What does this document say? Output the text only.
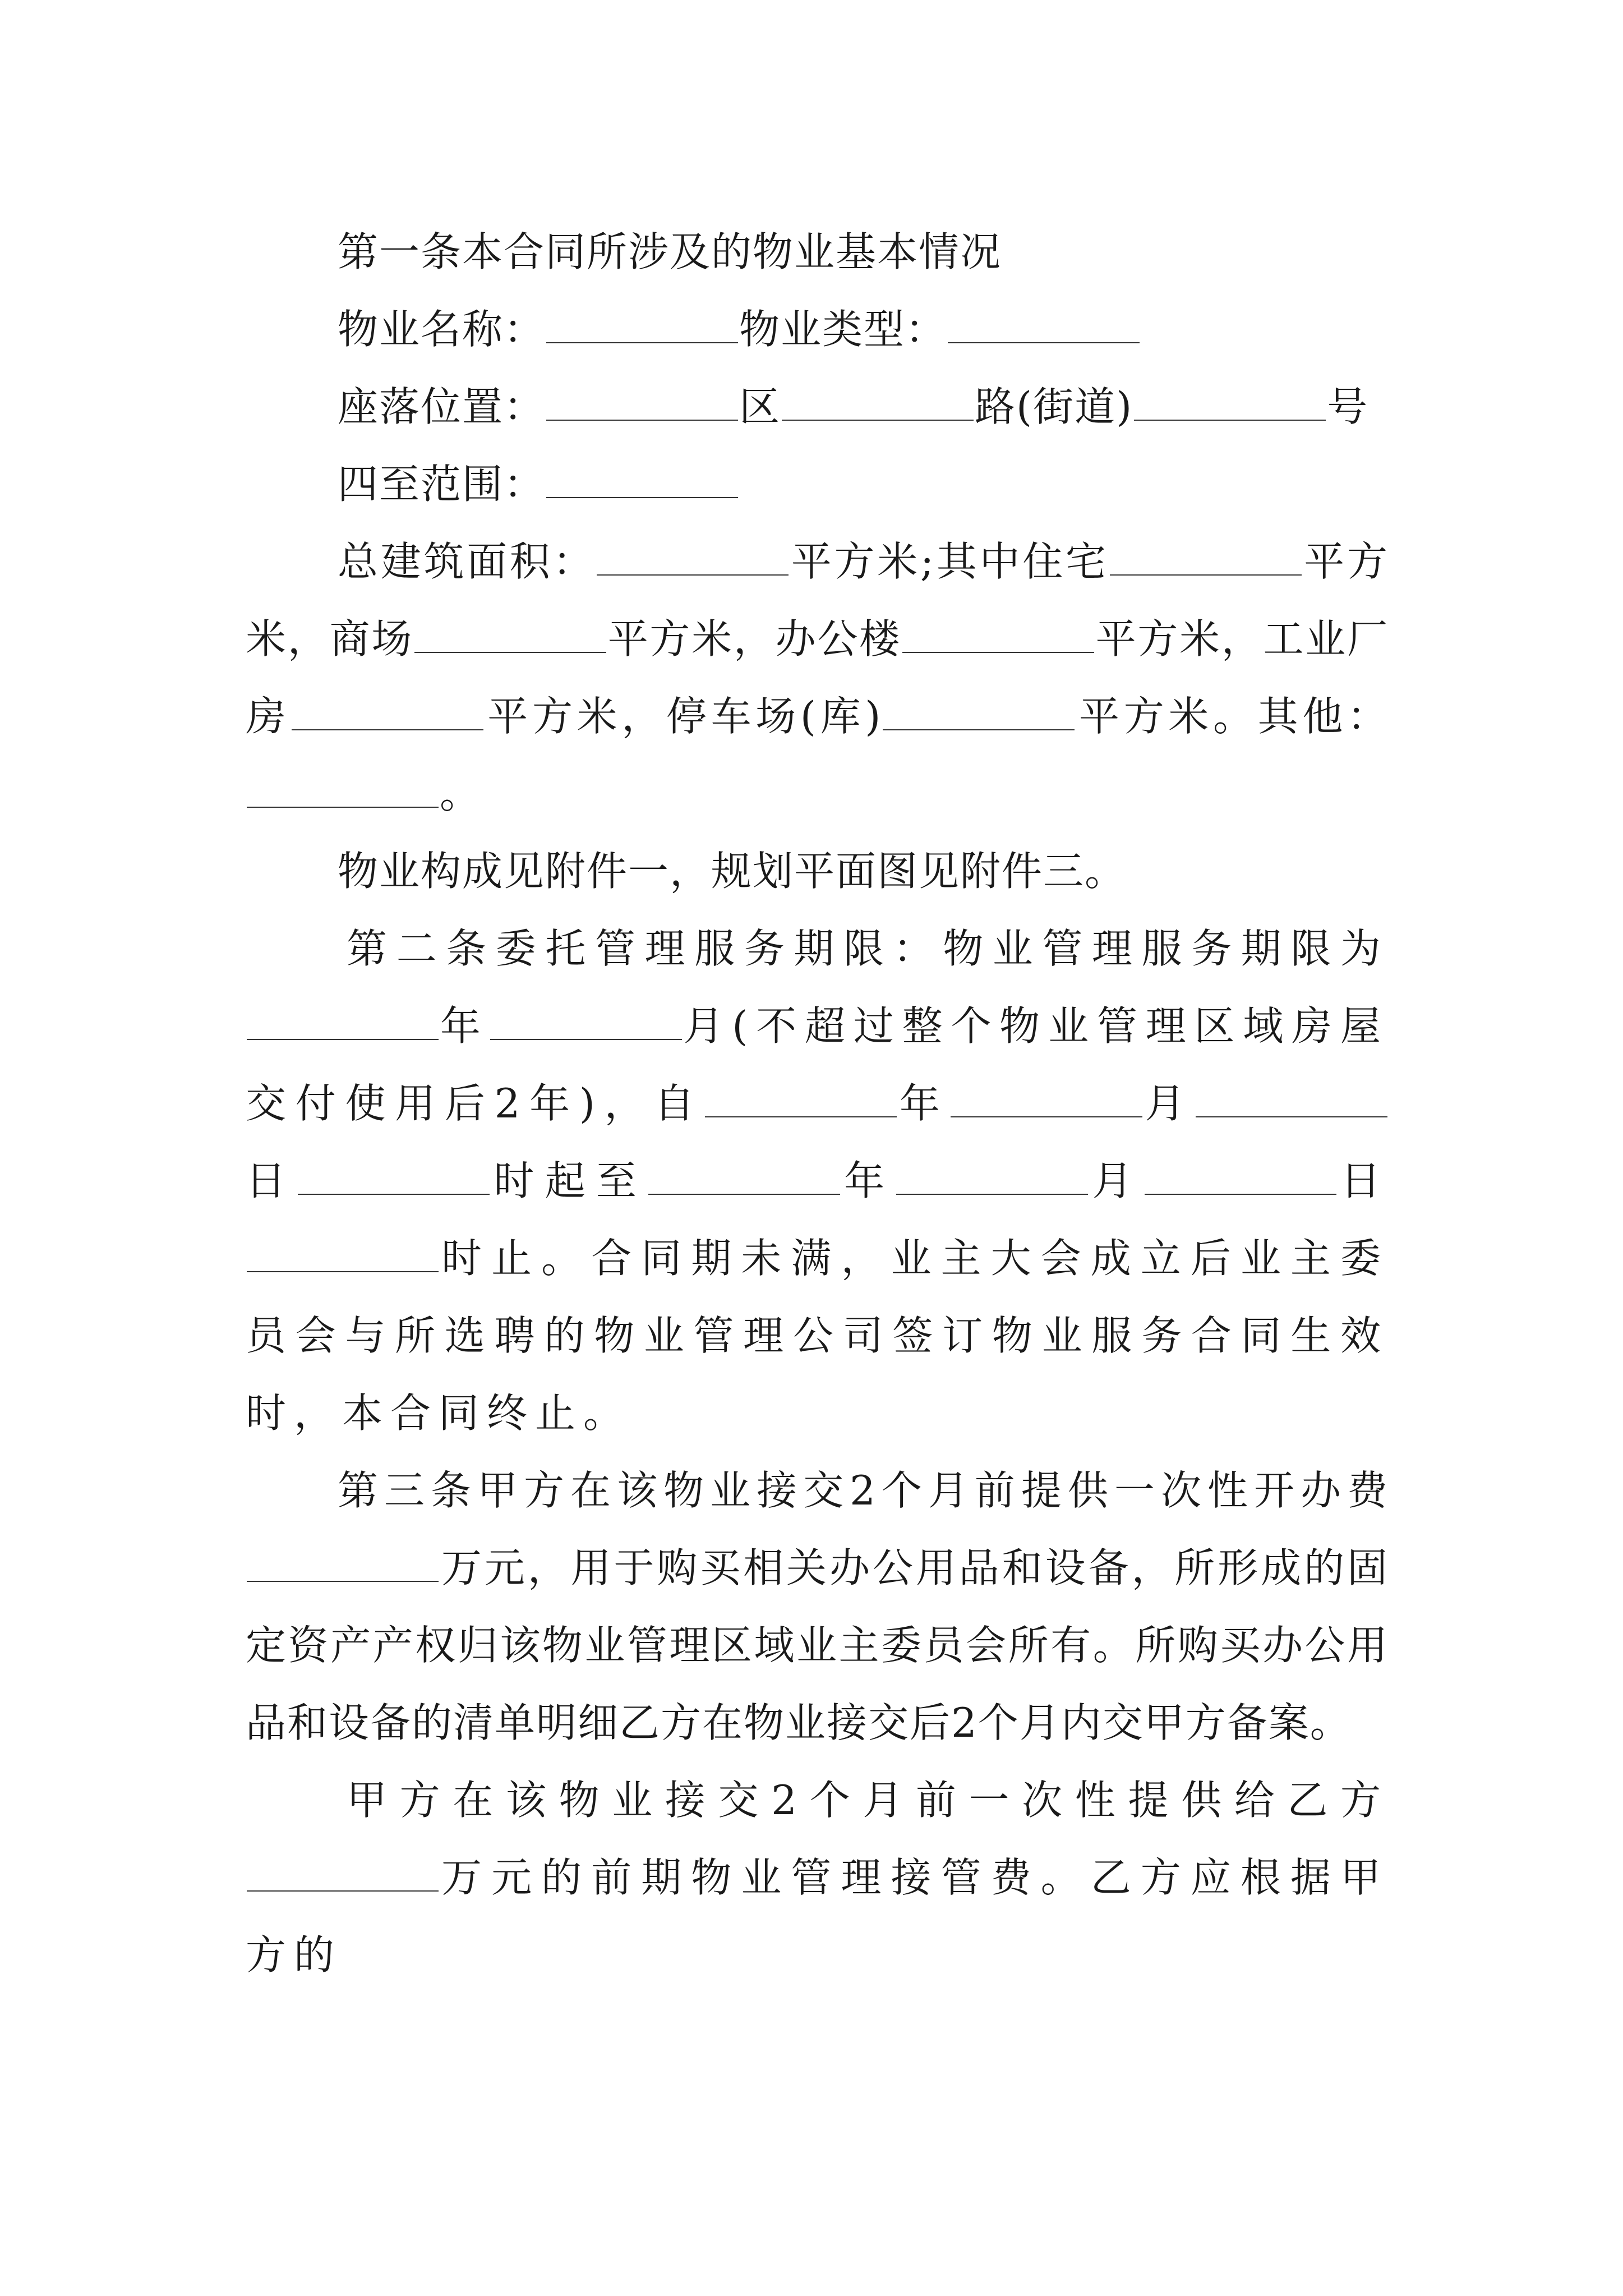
第一条本合同所涉及的物业基本情况

物业名称：	物业类型：

座落位置：	区	路(街道)	号

四至范围：

总建筑面积：	平方米;其中住宅	平方米，商场	平方米，办公楼	平方米，工业厂房	平方米，停车场(库)	平方米。其他：。

物业构成见附件一，规划平面图见附件三。

第二条委托管理服务期限：物业管理服务期限为年	月(不超过整个物业管理区域房屋交付使用后2年)，自	年	月日	时起至	年	月	日时止。合同期未满，业主大会成立后业主委员会与所选聘的物业管理公司签订物业服务合同生效时，本合同终止。

第三条甲方在该物业接交2个月前提供一次性开办费万元，用于购买相关办公用品和设备，所形成的固定资产产权归该物业管理区域业主委员会所有。所购买办公用品和设备的清单明细乙方在物业接交后2个月内交甲方备案。

甲方在该物业接交2个月前一次性提供给乙方万元的前期物业管理接管费。乙方应根据甲方的
